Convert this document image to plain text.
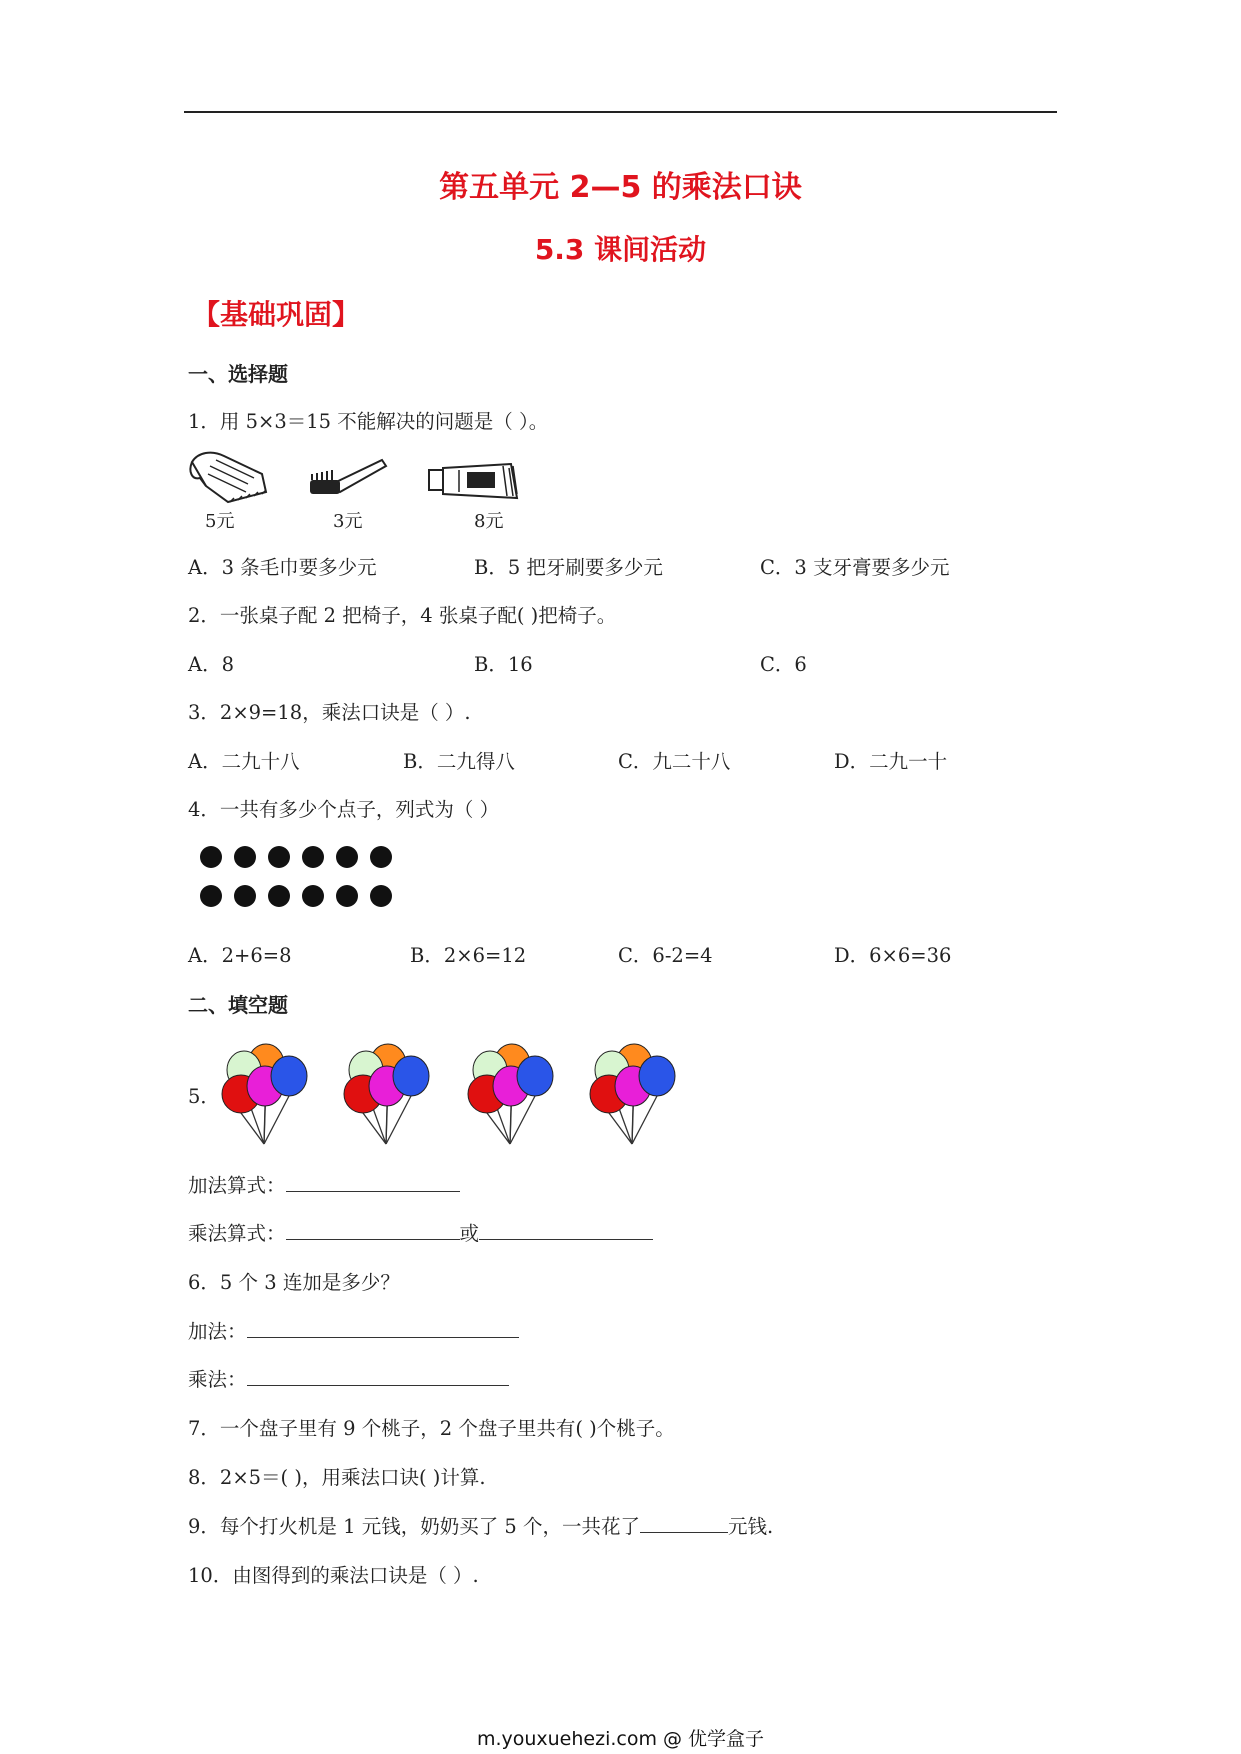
第五单元 2—5 的乘法口诀
5.3 课间活动
【基础巩固】
一、选择题
1．用 5×3＝15 不能解决的问题是（ ）。
5元	3元	8元
A．3 条毛巾要多少元	B．5 把牙刷要多少元	C．3 支牙膏要多少元
2．一张桌子配 2 把椅子，4 张桌子配( )把椅子。
A．8	B．16	C．6
3．2×9=18，乘法口诀是（ ）.
A．二九十八	B．二九得八	C．九二十八	D．二九一十
4．一共有多少个点子，列式为（ ）
A．2+6=8	B．2×6=12	C．6-2=4	D．6×6=36
二、填空题
5．
加法算式：
乘法算式：	或
6．5 个 3 连加是多少？
加法：
乘法：
7．一个盘子里有 9 个桃子，2 个盘子里共有( )个桃子。
8．2×5＝( )，用乘法口诀( )计算.
9．每个打火机是 1 元钱，奶奶买了 5 个，一共花了	元钱.
10．由图得到的乘法口诀是（ ）.
m.youxuehezi.com @ 优学盒子
